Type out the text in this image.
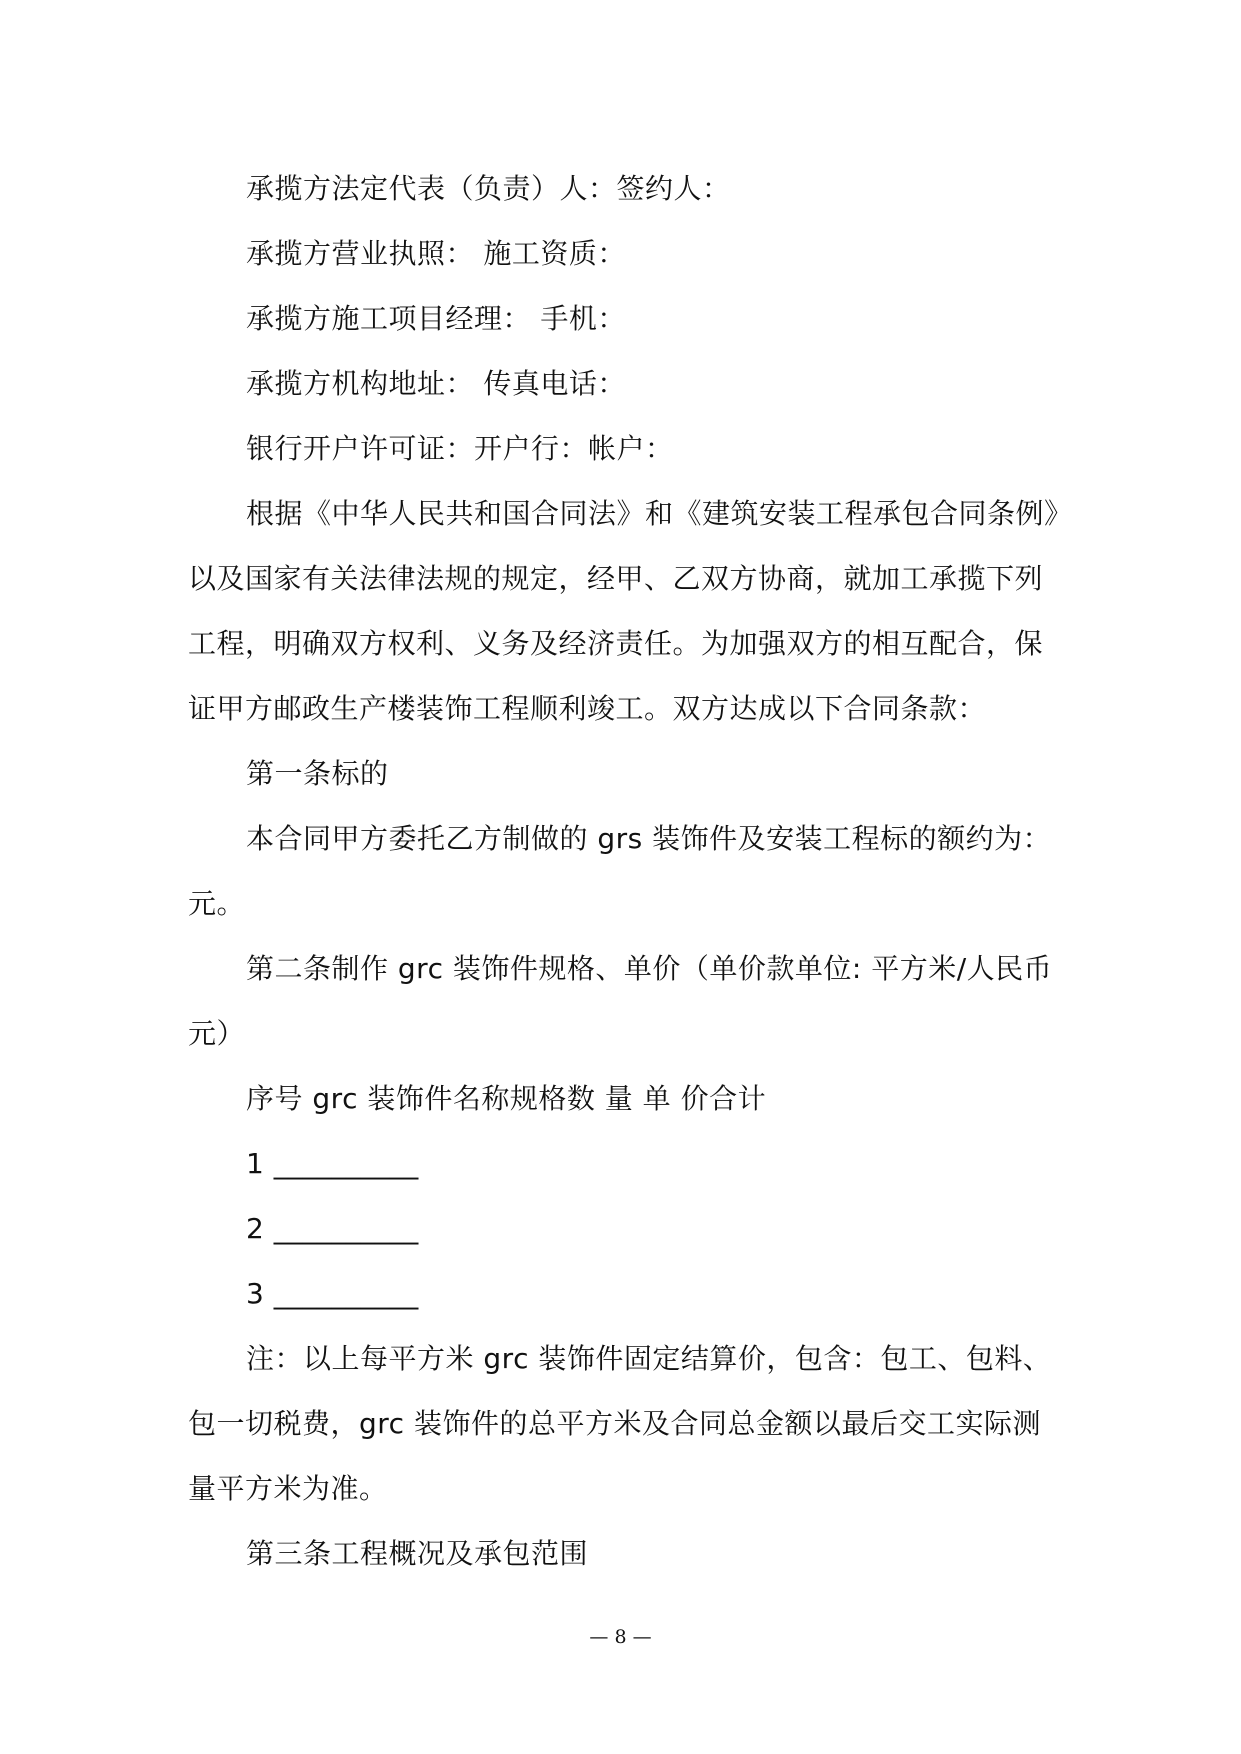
承揽方法定代表（负责）人：签约人：
承揽方营业执照： 施工资质：
承揽方施工项目经理： 手机：
承揽方机构地址： 传真电话：
银行开户许可证：开户行：帐户：
根据《中华人民共和国合同法》和《建筑安装工程承包合同条例》
以及国家有关法律法规的规定，经甲、乙双方协商，就加工承揽下列
工程，明确双方权利、义务及经济责任。为加强双方的相互配合，保
证甲方邮政生产楼装饰工程顺利竣工。双方达成以下合同条款：
第一条标的
本合同甲方委托乙方制做的 grs 装饰件及安装工程标的额约为：
元。
第二条制作 grc 装饰件规格、单价（单价款单位: 平方米/人民币
元）
序号 grc 装饰件名称规格数 量 单 价合计
1 __________
2 __________
3 __________
注：以上每平方米 grc 装饰件固定结算价，包含：包工、包料、
包一切税费，grc 装饰件的总平方米及合同总金额以最后交工实际测
量平方米为准。
第三条工程概况及承包范围
— 8 —
